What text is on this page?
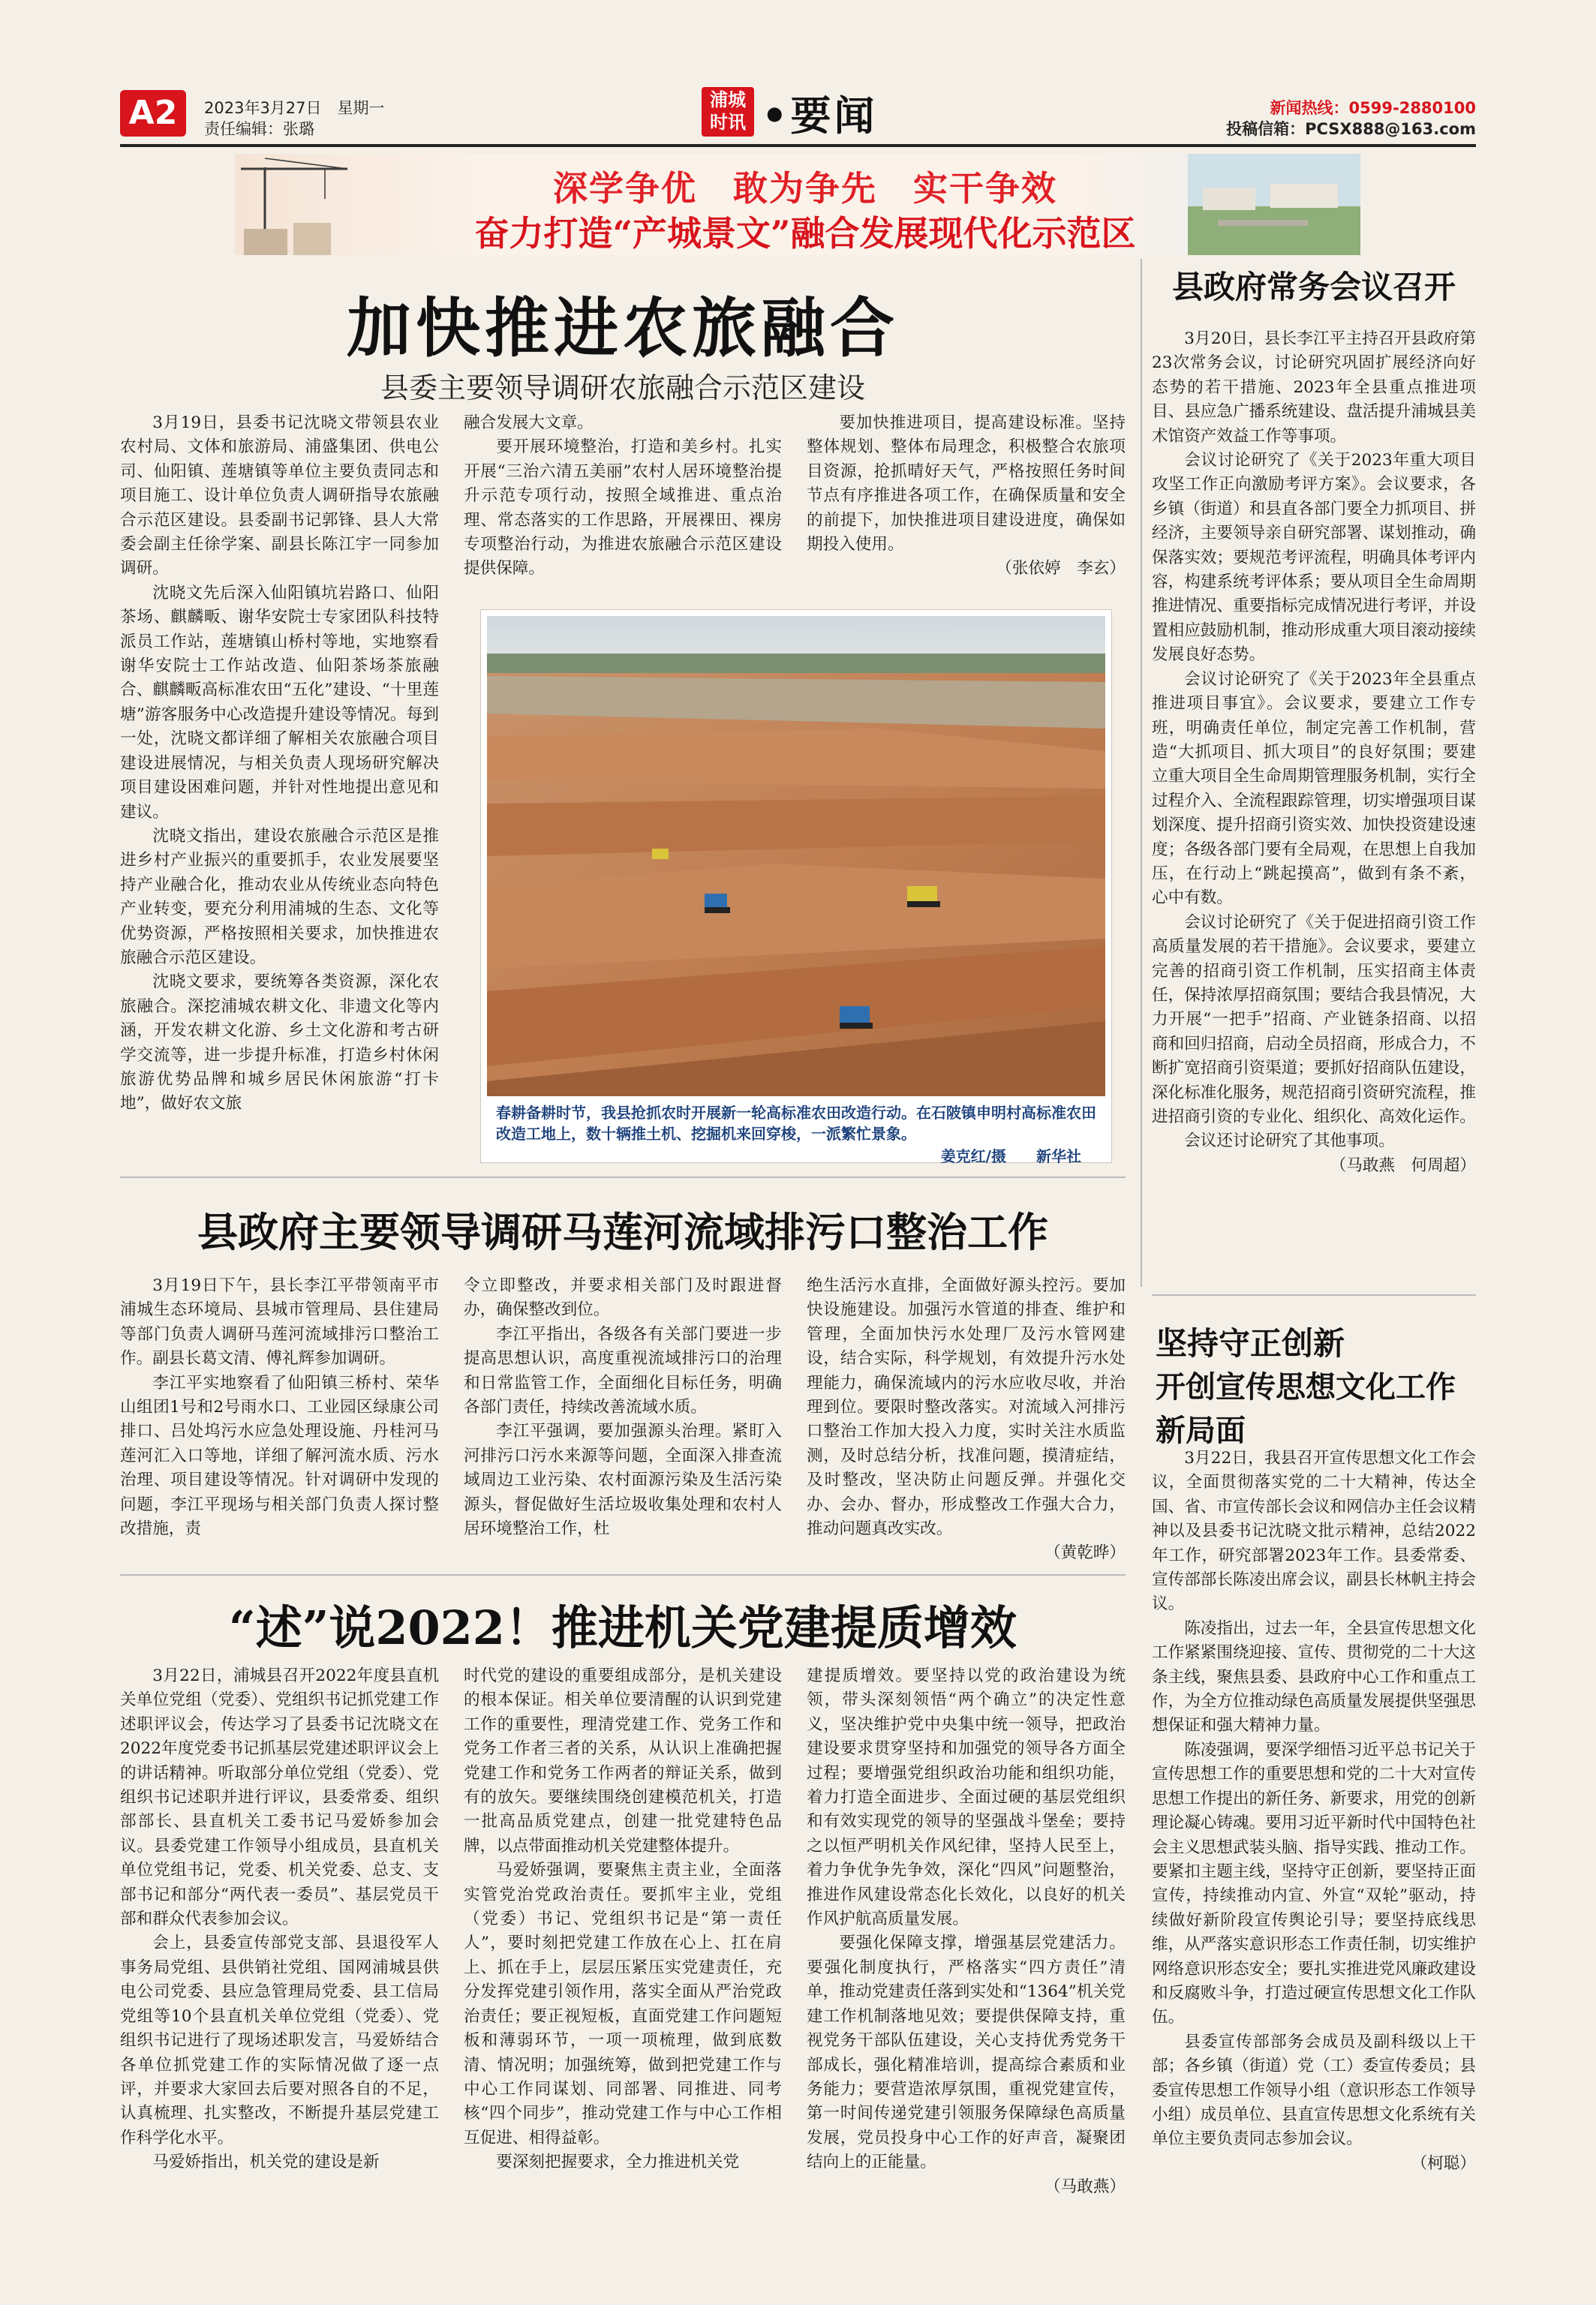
A2	2023年3月27日　星期一
责任编辑：张璐
浦城
时讯 •要闻	新闻热线：0599-2880100
投稿信箱：PCSX888@163.com
深学争优　敢为争先　实干争效
奋力打造“产城景文”融合发展现代化示范区
加快推进农旅融合
县委主要领导调研农旅融合示范区建设

3月19日，县委书记沈晓文带领县农业农村局、文体和旅游局、浦盛集团、供电公司、仙阳镇、莲塘镇等单位主要负责同志和项目施工、设计单位负责人调研指导农旅融合示范区建设。县委副书记郭锋、县人大常委会副主任徐学案、副县长陈江宇一同参加调研。

沈晓文先后深入仙阳镇坑岩路口、仙阳茶场、麒麟畈、谢华安院士专家团队科技特派员工作站，莲塘镇山桥村等地，实地察看谢华安院士工作站改造、仙阳茶场茶旅融合、麒麟畈高标准农田“五化”建设、“十里莲塘”游客服务中心改造提升建设等情况。每到一处，沈晓文都详细了解相关农旅融合项目建设进展情况，与相关负责人现场研究解决项目建设困难问题，并针对性地提出意见和建议。

沈晓文指出，建设农旅融合示范区是推进乡村产业振兴的重要抓手，农业发展要坚持产业融合化，推动农业从传统业态向特色产业转变，要充分利用浦城的生态、文化等优势资源，严格按照相关要求，加快推进农旅融合示范区建设。

沈晓文要求，要统筹各类资源，深化农旅融合。深挖浦城农耕文化、非遗文化等内涵，开发农耕文化游、乡土文化游和考古研学交流等，进一步提升标准，打造乡村休闲旅游优势品牌和城乡居民休闲旅游“打卡地”，做好农文旅

融合发展大文章。

要开展环境整治，打造和美乡村。扎实开展“三治六清五美丽”农村人居环境整治提升示范专项行动，按照全域推进、重点治理、常态落实的工作思路，开展裸田、裸房专项整治行动，为推进农旅融合示范区建设提供保障。

要加快推进项目，提高建设标准。坚持整体规划、整体布局理念，积极整合农旅项目资源，抢抓晴好天气，严格按照任务时间节点有序推进各项工作，在确保质量和安全的前提下，加快推进项目建设进度，确保如期投入使用。

（张依婷　李玄）

春耕备耕时节，我县抢抓农时开展新一轮高标准农田改造行动。在石陂镇申明村高标准农田改造工地上，数十辆推土机、挖掘机来回穿梭，一派繁忙景象。
姜克红/摄　　新华社
县政府常务会议召开

3月20日，县长李江平主持召开县政府第23次常务会议，讨论研究巩固扩展经济向好态势的若干措施、2023年全县重点推进项目、县应急广播系统建设、盘活提升浦城县美术馆资产效益工作等事项。

会议讨论研究了《关于2023年重大项目攻坚工作正向激励考评方案》。会议要求，各乡镇（街道）和县直各部门要全力抓项目、拼经济，主要领导亲自研究部署、谋划推动，确保落实效；要规范考评流程，明确具体考评内容，构建系统考评体系；要从项目全生命周期推进情况、重要指标完成情况进行考评，并设置相应鼓励机制，推动形成重大项目滚动接续发展良好态势。

会议讨论研究了《关于2023年全县重点推进项目事宜》。会议要求，要建立工作专班，明确责任单位，制定完善工作机制，营造“大抓项目、抓大项目”的良好氛围；要建立重大项目全生命周期管理服务机制，实行全过程介入、全流程跟踪管理，切实增强项目谋划深度、提升招商引资实效、加快投资建设速度；各级各部门要有全局观，在思想上自我加压，在行动上“跳起摸高”，做到有条不紊，心中有数。

会议讨论研究了《关于促进招商引资工作高质量发展的若干措施》。会议要求，要建立完善的招商引资工作机制，压实招商主体责任，保持浓厚招商氛围；要结合我县情况，大力开展“一把手”招商、产业链条招商、以招商和回归招商，启动全员招商，形成合力，不断扩宽招商引资渠道；要抓好招商队伍建设，深化标准化服务，规范招商引资研究流程，推进招商引资的专业化、组织化、高效化运作。

会议还讨论研究了其他事项。

（马敢燕　何周超）

县政府主要领导调研马莲河流域排污口整治工作

3月19日下午，县长李江平带领南平市浦城生态环境局、县城市管理局、县住建局等部门负责人调研马莲河流域排污口整治工作。副县长葛文清、傅礼辉参加调研。

李江平实地察看了仙阳镇三桥村、荣华山组团1号和2号雨水口、工业园区绿康公司排口、吕处坞污水应急处理设施、丹桂河马莲河汇入口等地，详细了解河流水质、污水治理、项目建设等情况。针对调研中发现的问题，李江平现场与相关部门负责人探讨整改措施，责

令立即整改，并要求相关部门及时跟进督办，确保整改到位。

李江平指出，各级各有关部门要进一步提高思想认识，高度重视流域排污口的治理和日常监管工作，全面细化目标任务，明确各部门责任，持续改善流域水质。

李江平强调，要加强源头治理。紧盯入河排污口污水来源等问题，全面深入排查流域周边工业污染、农村面源污染及生活污染源头，督促做好生活垃圾收集处理和农村人居环境整治工作，杜

绝生活污水直排，全面做好源头控污。要加快设施建设。加强污水管道的排查、维护和管理，全面加快污水处理厂及污水管网建设，结合实际，科学规划，有效提升污水处理能力，确保流域内的污水应收尽收，并治理到位。要限时整改落实。对流域入河排污口整治工作加大投入力度，实时关注水质监测，及时总结分析，找准问题，摸清症结，及时整改，坚决防止问题反弹。并强化交办、会办、督办，形成整改工作强大合力，推动问题真改实改。

（黄乾晔）

坚持守正创新
开创宣传思想文化工作新局面

3月22日，我县召开宣传思想文化工作会议，全面贯彻落实党的二十大精神，传达全国、省、市宣传部长会议和网信办主任会议精神以及县委书记沈晓文批示精神，总结2022年工作，研究部署2023年工作。县委常委、宣传部部长陈凌出席会议，副县长林帆主持会议。

陈凌指出，过去一年，全县宣传思想文化工作紧紧围绕迎接、宣传、贯彻党的二十大这条主线，聚焦县委、县政府中心工作和重点工作，为全方位推动绿色高质量发展提供坚强思想保证和强大精神力量。

陈凌强调，要深学细悟习近平总书记关于宣传思想工作的重要思想和党的二十大对宣传思想工作提出的新任务、新要求，用党的创新理论凝心铸魂。要用习近平新时代中国特色社会主义思想武装头脑、指导实践、推动工作。要紧扣主题主线，坚持守正创新，要坚持正面宣传，持续推动内宣、外宣“双轮”驱动，持续做好新阶段宣传舆论引导；要坚持底线思维，从严落实意识形态工作责任制，切实维护网络意识形态安全；要扎实推进党风廉政建设和反腐败斗争，打造过硬宣传思想文化工作队伍。

县委宣传部部务会成员及副科级以上干部；各乡镇（街道）党（工）委宣传委员；县委宣传思想工作领导小组（意识形态工作领导小组）成员单位、县直宣传思想文化系统有关单位主要负责同志参加会议。

（柯聪）

“述”说2022！推进机关党建提质增效

3月22日，浦城县召开2022年度县直机关单位党组（党委）、党组织书记抓党建工作述职评议会，传达学习了县委书记沈晓文在2022年度党委书记抓基层党建述职评议会上的讲话精神。听取部分单位党组（党委）、党组织书记述职并进行评议，县委常委、组织部部长、县直机关工委书记马爱娇参加会议。县委党建工作领导小组成员，县直机关单位党组书记，党委、机关党委、总支、支部书记和部分“两代表一委员”、基层党员干部和群众代表参加会议。

会上，县委宣传部党支部、县退役军人事务局党组、县供销社党组、国网浦城县供电公司党委、县应急管理局党委、县工信局党组等10个县直机关单位党组（党委）、党组织书记进行了现场述职发言，马爱娇结合各单位抓党建工作的实际情况做了逐一点评，并要求大家回去后要对照各自的不足，认真梳理、扎实整改，不断提升基层党建工作科学化水平。

马爱娇指出，机关党的建设是新

时代党的建设的重要组成部分，是机关建设的根本保证。相关单位要清醒的认识到党建工作的重要性，理清党建工作、党务工作和党务工作者三者的关系，从认识上准确把握党建工作和党务工作两者的辩证关系，做到有的放矢。要继续围绕创建模范机关，打造一批高品质党建点，创建一批党建特色品牌，以点带面推动机关党建整体提升。

马爱娇强调，要聚焦主责主业，全面落实管党治党政治责任。要抓牢主业，党组（党委）书记、党组织书记是“第一责任人”，要时刻把党建工作放在心上、扛在肩上、抓在手上，层层压紧压实党建责任，充分发挥党建引领作用，落实全面从严治党政治责任；要正视短板，直面党建工作问题短板和薄弱环节，一项一项梳理，做到底数清、情况明；加强统筹，做到把党建工作与中心工作同谋划、同部署、同推进、同考核“四个同步”，推动党建工作与中心工作相互促进、相得益彰。

要深刻把握要求，全力推进机关党

建提质增效。要坚持以党的政治建设为统领，带头深刻领悟“两个确立”的决定性意义，坚决维护党中央集中统一领导，把政治建设要求贯穿坚持和加强党的领导各方面全过程；要增强党组织政治功能和组织功能，着力打造全面进步、全面过硬的基层党组织和有效实现党的领导的坚强战斗堡垒；要持之以恒严明机关作风纪律，坚持人民至上，着力争优争先争效，深化“四风”问题整治，推进作风建设常态化长效化，以良好的机关作风护航高质量发展。

要强化保障支撑，增强基层党建活力。要强化制度执行，严格落实“四方责任”清单，推动党建责任落到实处和“1364”机关党建工作机制落地见效；要提供保障支持，重视党务干部队伍建设，关心支持优秀党务干部成长，强化精准培训，提高综合素质和业务能力；要营造浓厚氛围，重视党建宣传，第一时间传递党建引领服务保障绿色高质量发展，党员投身中心工作的好声音，凝聚团结向上的正能量。

（马敢燕）
